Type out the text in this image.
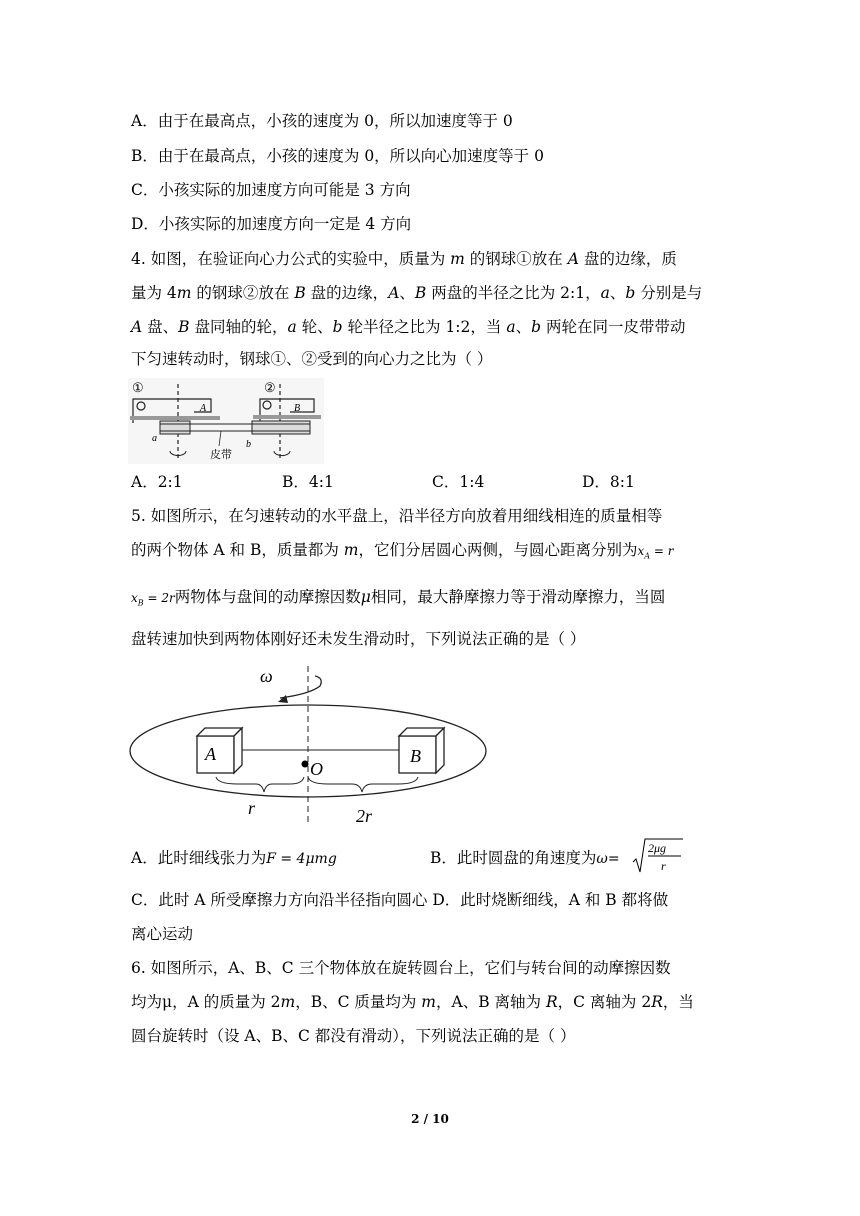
A．由于在最高点，小孩的速度为 0，所以加速度等于 0
B．由于在最高点，小孩的速度为 0，所以向心加速度等于 0
C．小孩实际的加速度方向可能是 3 方向
D．小孩实际的加速度方向一定是 4 方向
4. 如图，在验证向心力公式的实验中，质量为 m 的钢球①放在 A 盘的边缘，质
量为 4m 的钢球②放在 B 盘的边缘，A、B 两盘的半径之比为 2:1，a、b 分别是与
A 盘、B 盘同轴的轮，a 轮、b 轮半径之比为 1:2，当 a、b 两轮在同一皮带带动
下匀速转动时，钢球①、②受到的向心力之比为（ ）
①	②
A	B
a
b
皮带
A．2:1	B．4:1	C．1:4	D．8:1
5. 如图所示，在匀速转动的水平盘上，沿半径方向放着用细线相连的质量相等
的两个物体 A 和 B，质量都为 m，它们分居圆心两侧，与圆心距离分别为$x_A = r$
$x_B = 2r$两物体与盘间的动摩擦因数μ相同，最大静摩擦力等于滑动摩擦力，当圆
盘转速加快到两物体刚好还未发生滑动时，下列说法正确的是（ ）
ω
A	B
O
r	2r
A．此时细线张力为F = 4μmg	B．此时圆盘的角速度为ω=
2μg
r
C．此时 A 所受摩擦力方向沿半径指向圆心 D．此时烧断细线，A 和 B 都将做
离心运动
6. 如图所示，A、B、C 三个物体放在旋转圆台上，它们与转台间的动摩擦因数
均为μ，A 的质量为 2m，B、C 质量均为 m，A、B 离轴为 R，C 离轴为 2R，当
圆台旋转时（设 A、B、C 都没有滑动），下列说法正确的是（ ）
2 / 10
